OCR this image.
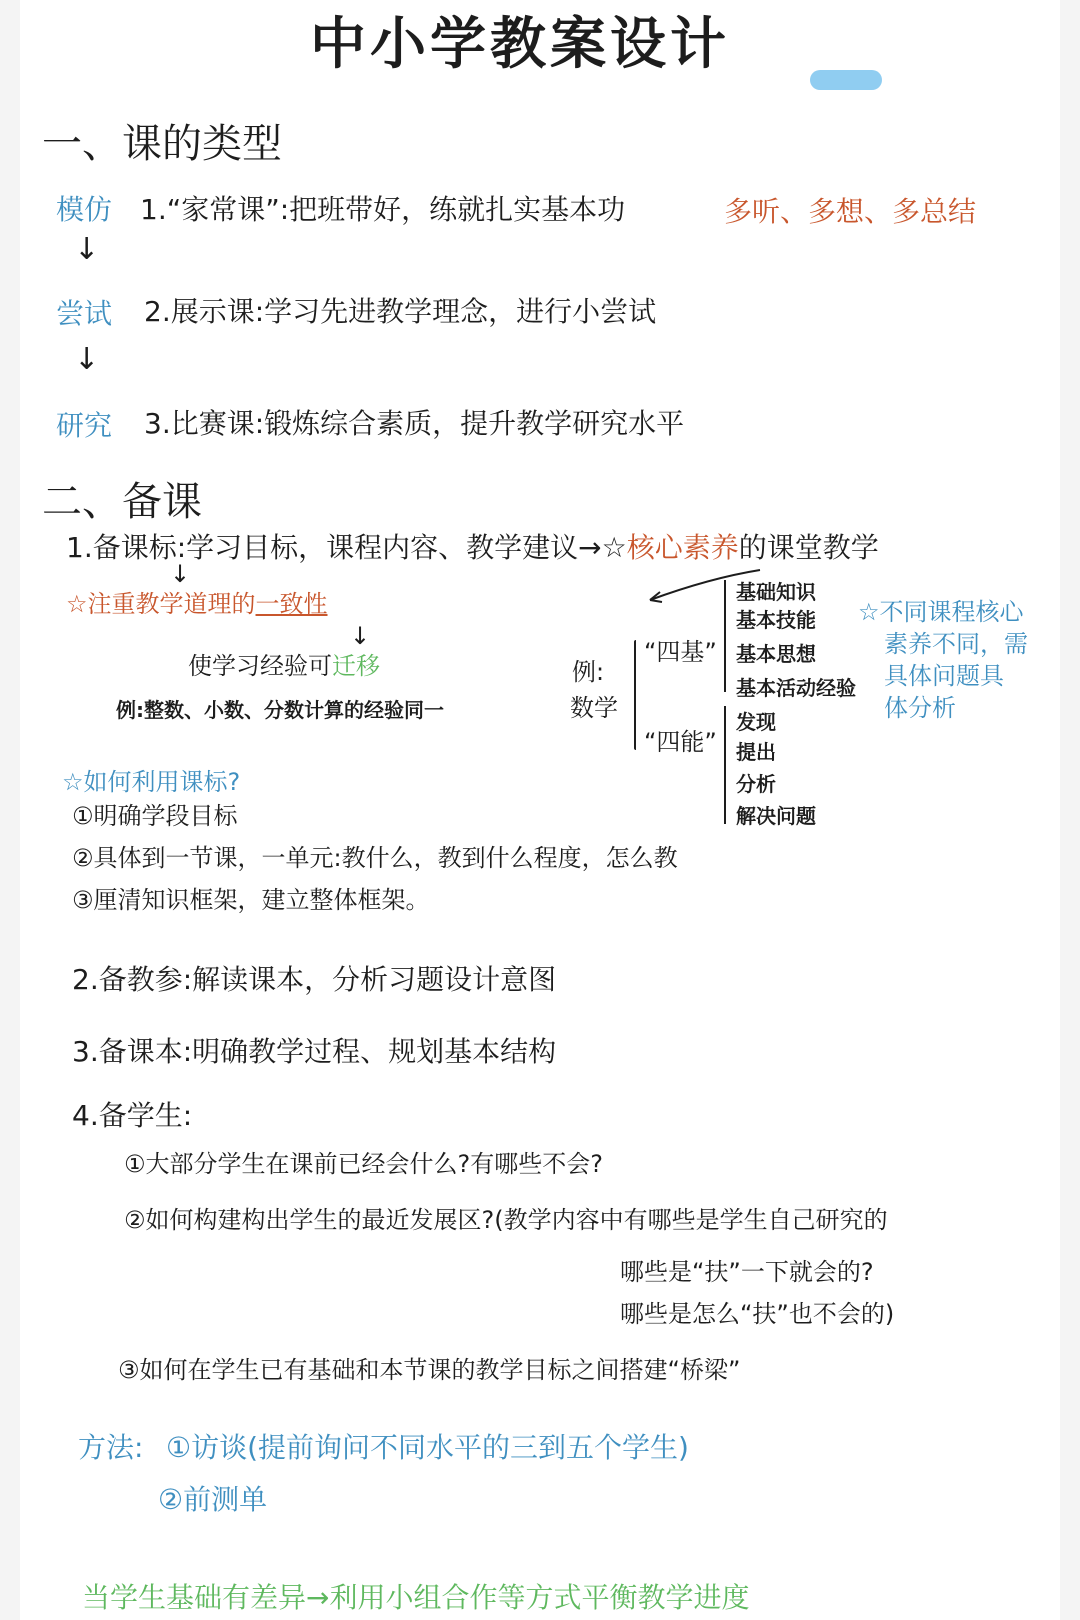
中小学教案设计
一、课的类型
模仿
↓
尝试
↓
研究
1.“家常课”:把班带好，练就扎实基本功	多听、多想、多总结
2.展示课:学习先进教学理念，进行小尝试
3.比赛课:锻炼综合素质，提升教学研究水平
二、备课
1.备课标:学习目标，课程内容、教学建议→☆核心素养的课堂教学
☆注重教学道理的一致性
↓
↓
使学习经验可迁移
例:整数、小数、分数计算的经验同一
例:
数学
“四基”
基础知识
基本技能
基本思想
基本活动经验
“四能”
发现
提出
分析
解决问题
☆不同课程核心
素养不同，需
具体问题具
体分析
☆如何利用课标?
①明确学段目标
②具体到一节课，一单元:教什么，教到什么程度，怎么教
③厘清知识框架，建立整体框架。
2.备教参:解读课本，分析习题设计意图
3.备课本:明确教学过程、规划基本结构
4.备学生:
①大部分学生在课前已经会什么?有哪些不会?
②如何构建构出学生的最近发展区?(教学内容中有哪些是学生自己研究的
哪些是“扶”一下就会的?
哪些是怎么“扶”也不会的)
③如何在学生已有基础和本节课的教学目标之间搭建“桥梁”
方法: ①访谈(提前询问不同水平的三到五个学生)
②前测单
当学生基础有差异→利用小组合作等方式平衡教学进度
